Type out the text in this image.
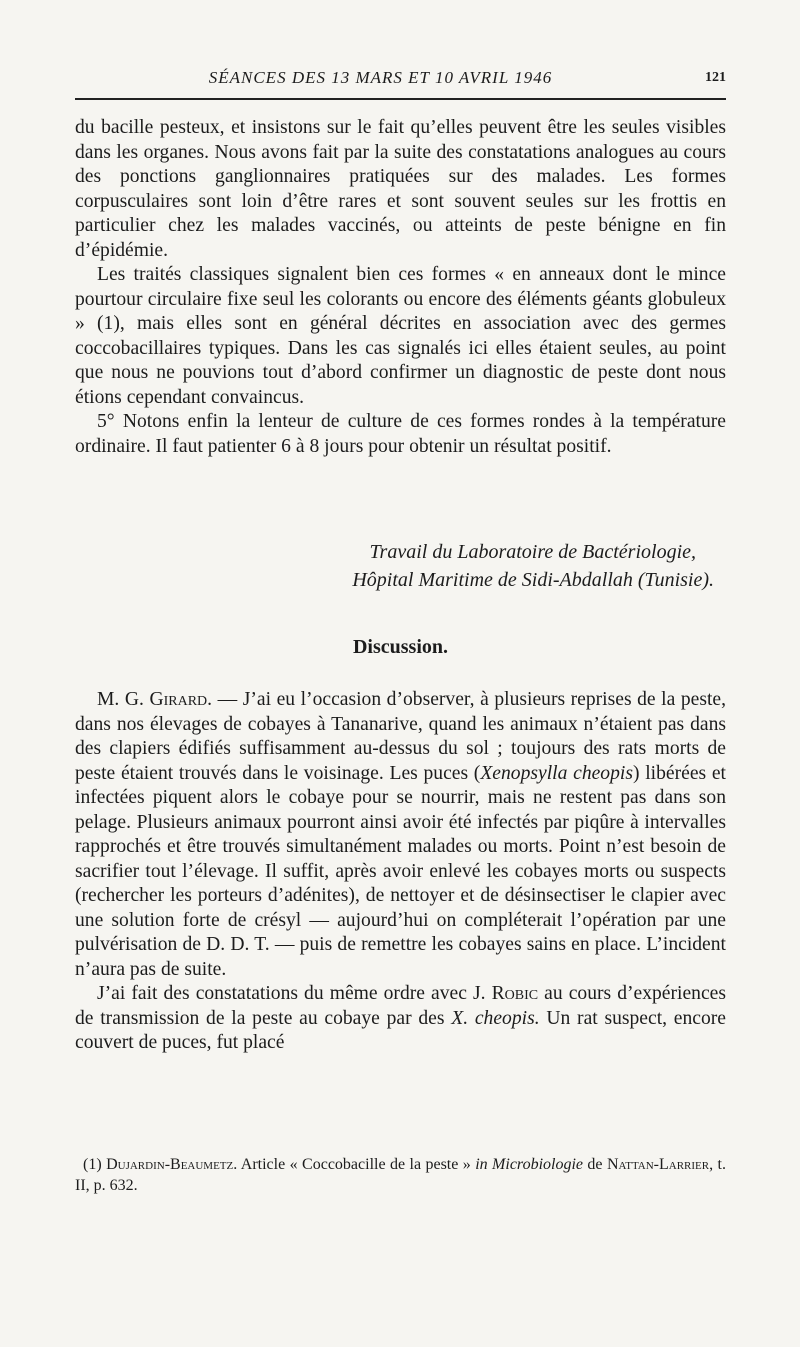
SÉANCES DES 13 MARS ET 10 AVRIL 1946	121

du bacille pesteux, et insistons sur le fait qu’elles peuvent être les seules visibles dans les organes. Nous avons fait par la suite des constatations analogues au cours des ponctions ganglionnaires pratiquées sur des malades. Les formes corpusculaires sont loin d’être rares et sont souvent seules sur les frottis en particulier chez les malades vaccinés, ou atteints de peste bénigne en fin d’épidémie.

Les traités classiques signalent bien ces formes « en anneaux dont le mince pourtour circulaire fixe seul les colorants ou encore des éléments géants globuleux » (1), mais elles sont en général décrites en association avec des germes coccobacillaires typiques. Dans les cas signalés ici elles étaient seules, au point que nous ne pouvions tout d’abord confirmer un diagnostic de peste dont nous étions cependant convaincus.

5° Notons enfin la lenteur de culture de ces formes rondes à la température ordinaire. Il faut patienter 6 à 8 jours pour obtenir un résultat positif.

Travail du Laboratoire de Bactériologie,
Hôpital Maritime de Sidi-Abdallah (Tunisie).
Discussion.

M. G. Girard. — J’ai eu l’occasion d’observer, à plusieurs reprises de la peste, dans nos élevages de cobayes à Tananarive, quand les animaux n’étaient pas dans des clapiers édifiés suffisamment au-dessus du sol ; toujours des rats morts de peste étaient trouvés dans le voisinage. Les puces (Xenopsylla cheopis) libérées et infectées piquent alors le cobaye pour se nourrir, mais ne restent pas dans son pelage. Plusieurs animaux pourront ainsi avoir été infectés par piqûre à intervalles rapprochés et être trouvés simultanément malades ou morts. Point n’est besoin de sacrifier tout l’élevage. Il suffit, après avoir enlevé les cobayes morts ou suspects (rechercher les porteurs d’adénites), de nettoyer et de désinsectiser le clapier avec une solution forte de crésyl — aujourd’hui on compléterait l’opération par une pulvérisation de D. D. T. — puis de remettre les cobayes sains en place. L’incident n’aura pas de suite.

J’ai fait des constatations du même ordre avec J. Robic au cours d’expériences de transmission de la peste au cobaye par des X. cheopis. Un rat suspect, encore couvert de puces, fut placé

(1) Dujardin-Beaumetz. Article « Coccobacille de la peste » in Microbiologie de Nattan-Larrier, t. II, p. 632.
